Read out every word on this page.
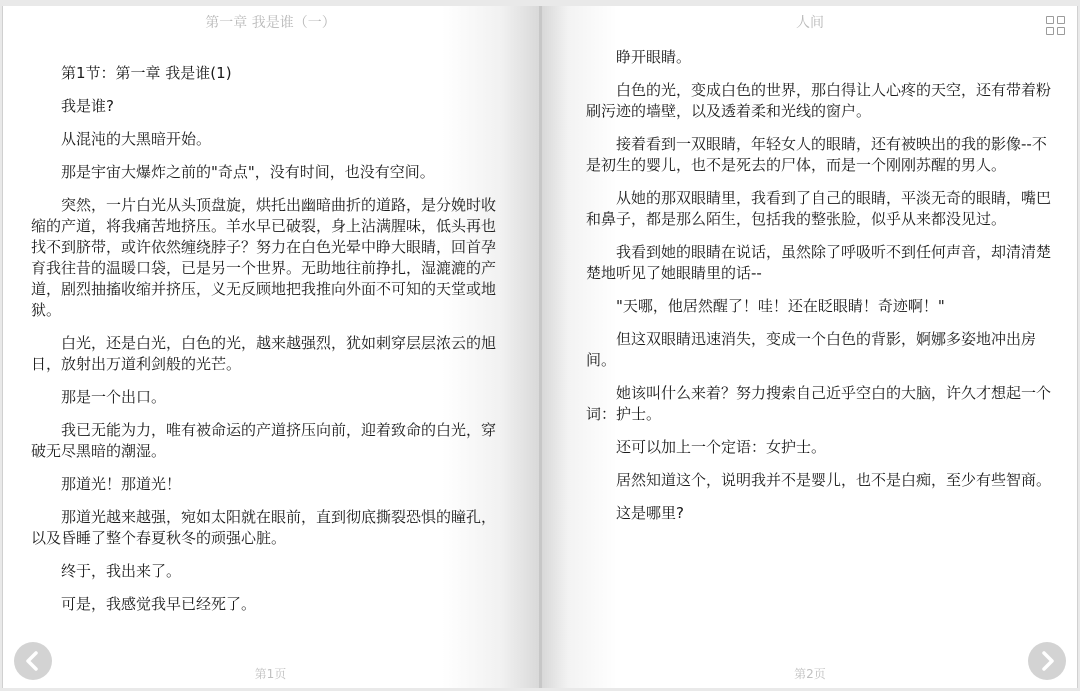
第一章 我是谁（一）

第1节：第一章 我是谁(1)

我是谁?

从混沌的大黑暗开始。

那是宇宙大爆炸之前的"奇点"，没有时间，也没有空间。

突然，一片白光从头顶盘旋，烘托出幽暗曲折的道路，是分娩时收缩的产道，将我痛苦地挤压。羊水早已破裂，身上沾满腥味，低头再也找不到脐带，或许依然缠绕脖子？努力在白色光晕中睁大眼睛，回首孕育我往昔的温暖口袋，已是另一个世界。无助地往前挣扎，湿漉漉的产道，剧烈抽搐收缩并挤压，义无反顾地把我推向外面不可知的天堂或地狱。

白光，还是白光，白色的光，越来越强烈，犹如刺穿层层浓云的旭日，放射出万道利剑般的光芒。

那是一个出口。

我已无能为力，唯有被命运的产道挤压向前，迎着致命的白光，穿破无尽黑暗的潮湿。

那道光！那道光！

那道光越来越强，宛如太阳就在眼前，直到彻底撕裂恐惧的瞳孔，以及昏睡了整个春夏秋冬的顽强心脏。

终于，我出来了。

可是，我感觉我早已经死了。

第1页
人间

睁开眼睛。

白色的光，变成白色的世界，那白得让人心疼的天空，还有带着粉刷污迹的墙壁，以及透着柔和光线的窗户。

接着看到一双眼睛，年轻女人的眼睛，还有被映出的我的影像--不是初生的婴儿，也不是死去的尸体，而是一个刚刚苏醒的男人。

从她的那双眼睛里，我看到了自己的眼睛，平淡无奇的眼睛，嘴巴和鼻子，都是那么陌生，包括我的整张脸，似乎从来都没见过。

我看到她的眼睛在说话，虽然除了呼吸听不到任何声音，却清清楚楚地听见了她眼睛里的话--

"天哪，他居然醒了！哇！还在眨眼睛！奇迹啊！"

但这双眼睛迅速消失，变成一个白色的背影，婀娜多姿地冲出房间。

她该叫什么来着？努力搜索自己近乎空白的大脑，许久才想起一个词：护士。

还可以加上一个定语：女护士。

居然知道这个，说明我并不是婴儿，也不是白痴，至少有些智商。

这是哪里?

第2页
